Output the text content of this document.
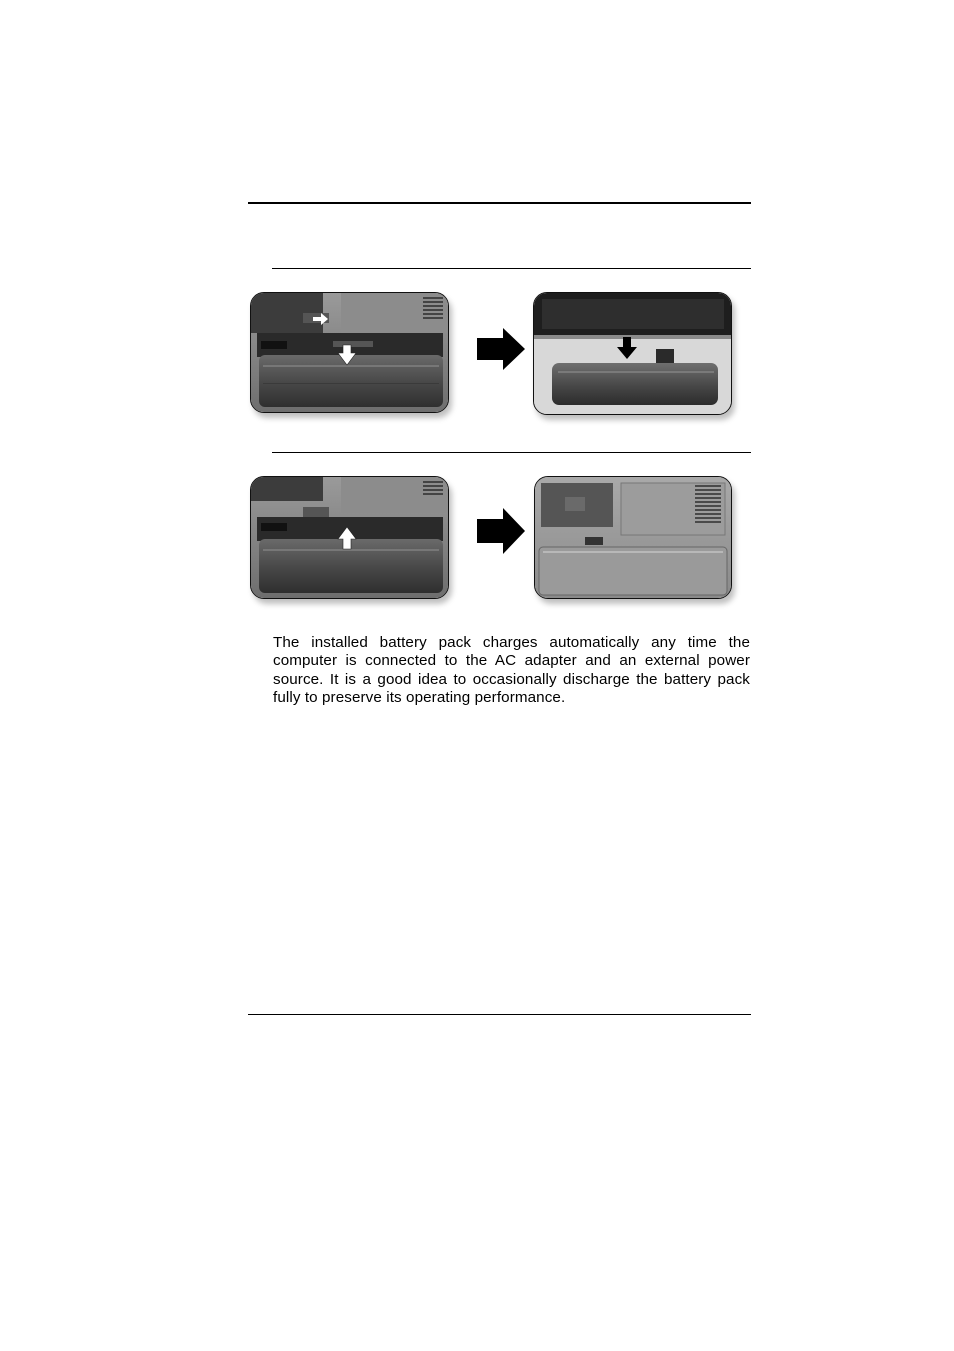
The installed battery pack charges automatically any time the computer is connected to the AC adapter and an external power source. It is a good idea to occasionally discharge the battery pack fully to preserve its operating performance.
